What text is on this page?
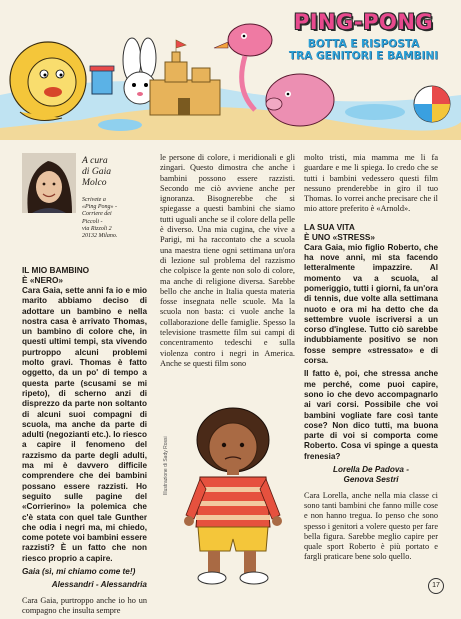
PING-PONG
BOTTA E RISPOSTA
TRA GENITORI E BAMBINI
A cura
di Gaia
Molco
Scrivete a
«Ping Pong» -
Corriere dei
Piccoli -
via Rizzoli 2
20132 Milano.
IL MIO BAMBINO
È «NERO»

Cara Gaia, sette anni fa io e mio marito abbiamo deciso di adottare un bambino e nella nostra casa è arrivato Thomas, un bambino di colore che, in questi ultimi tempi, sta vivendo purtroppo alcuni problemi molto gravi. Thomas è fatto oggetto, da un po' di tempo a questa parte (scusami se mi ripeto), di scherno anzi di disprezzo da parte non soltanto di alcuni suoi compagni di scuola, ma anche da parte di adulti (negozianti etc.). Io riesco a capire il fenomeno del razzismo da parte degli adulti, ma mi è davvero difficile comprendere che dei bambini possano essere razzisti. Ho seguito sulle pagine del «Corrierino» la polemica che c'è stata con quel tale Gunther che odia i negri ma, mi chiedo, come potete voi bambini essere razzisti? È un fatto che non riesco proprio a capire.

Gaia (sì, mi chiamo come te!)

Alessandri - Alessandria

Cara Gaia, purtroppo anche io ho un compagno che insulta sempre

le persone di colore, i meridionali e gli zingari. Questo dimostra che anche i bambini possono essere razzisti. Secondo me ciò avviene anche per ignoranza. Bisognerebbe che si spiegasse a questi bambini che siamo tutti uguali anche se il colore della pelle è diverso. Una mia cugina, che vive a Parigi, mi ha raccontato che a scuola una maestra tiene ogni settimana un'ora di lezione sul problema del razzismo che colpisce la gente non solo di colore, ma anche di religione diversa. Sarebbe bello che anche in Italia questa materia fosse insegnata nelle scuole. Ma la scuola non basta: ci vuole anche la collaborazione delle famiglie. Spesso la televisione trasmette film sui campi di concentramento tedeschi e sulla violenza contro i negri in America. Anche se questi film sono

molto tristi, mia mamma me li fa guardare e me li spiega. Io credo che se tutti i bambini vedessero questi film nessuno prenderebbe in giro il tuo Thomas. Io vorrei anche precisare che il mio attore preferito è «Arnold».

LA SUA VITA
È UNO «STRESS»

Cara Gaia, mio figlio Roberto, che ha nove anni, mi sta facendo letteralmente impazzire. Al momento va a scuola, al pomeriggio, tutti i giorni, fa un'ora di tennis, due volte alla settimana nuoto e ora mi ha detto che da settembre vuole iscriversi a un corso d'inglese. Tutto ciò sarebbe indubbiamente positivo se non fosse sempre «stressato» e di corsa.

Il fatto è, poi, che stressa anche me perché, come puoi capire, sono io che devo accompagnarlo ai vari corsi. Possibile che voi bambini vogliate fare così tante cose? Non dico tutti, ma buona parte di voi si comporta come Roberto. Cosa vi spinge a questa frenesia?

Lorella De Padova -

Genova Sestri

Cara Lorella, anche nella mia classe ci sono tanti bambini che fanno mille cose e non hanno tregua. Io penso che sono spesso i genitori a volere questo per fare bella figura. Sarebbe meglio capire per quale sport Roberto è più portato e fargli praticare bene solo quello.

Illustrazione di Sady Rossi
17
